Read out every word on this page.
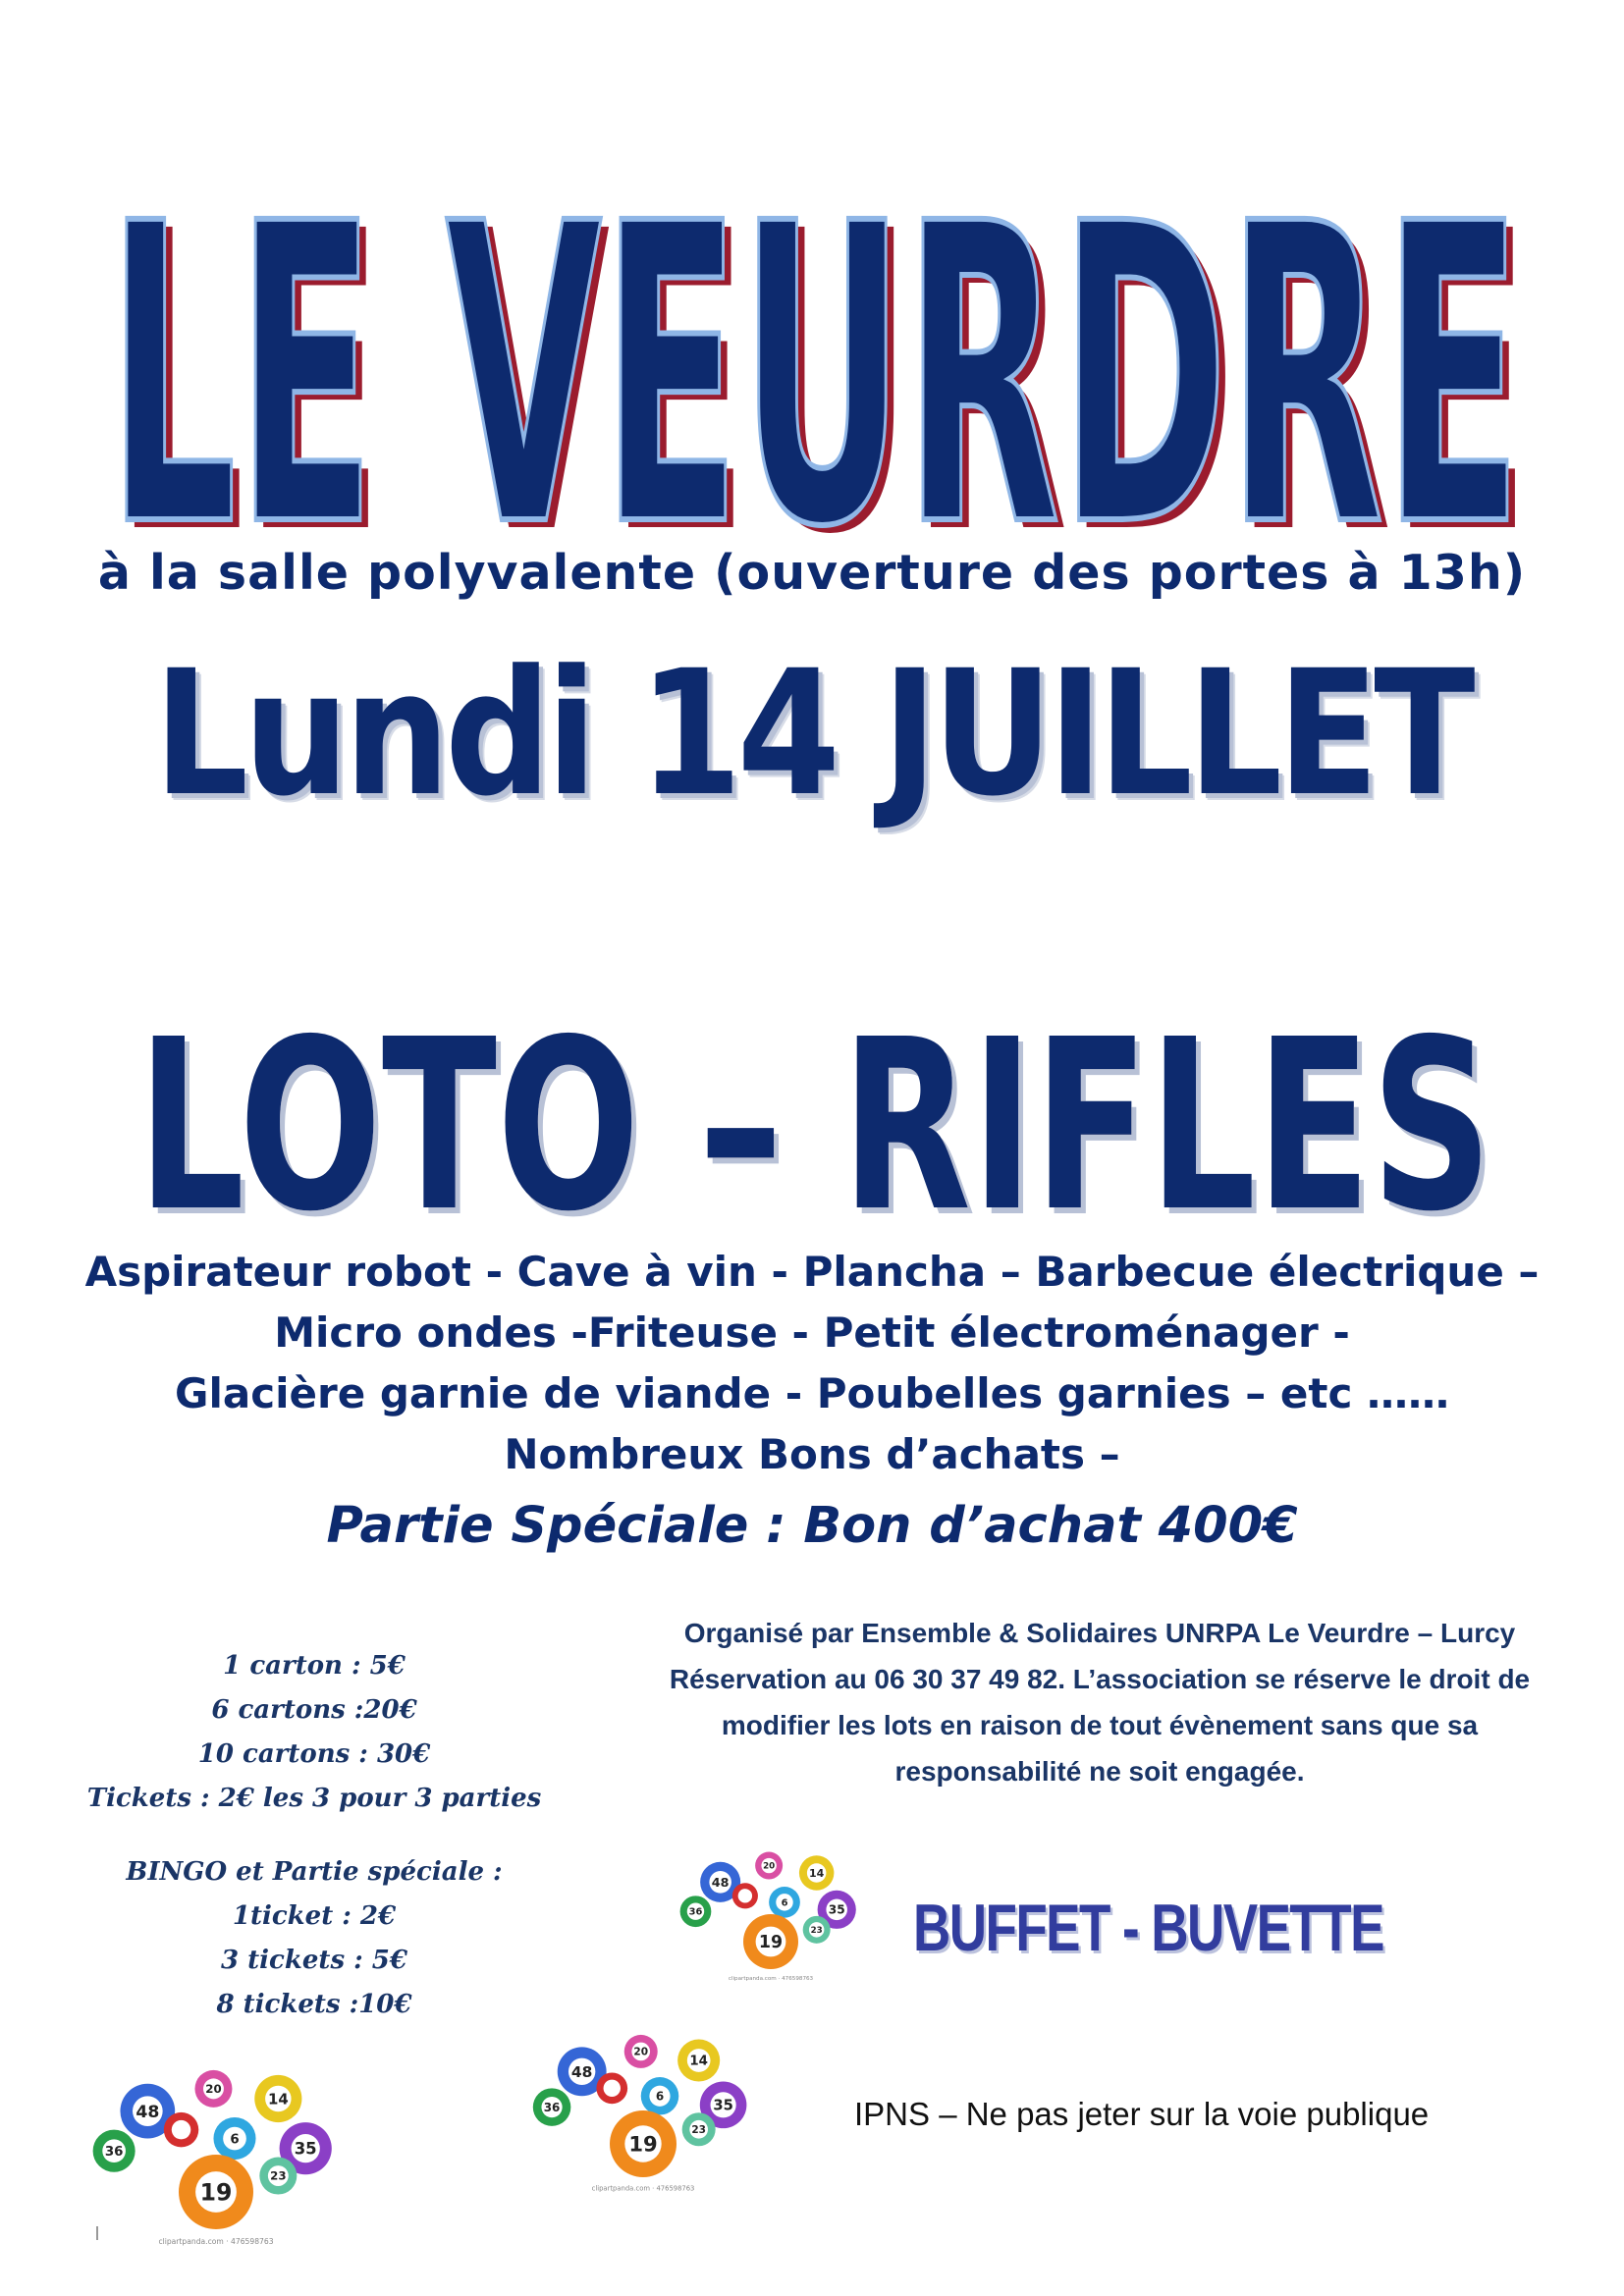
LE VEURDRE
LE VEURDRE
à la salle polyvalente (ouverture des portes à 13h)
Lundi 14 JUILLET
LOTO – RIFLES
Aspirateur robot - Cave à vin - Plancha – Barbecue électrique –
Micro ondes -Friteuse - Petit électroménager -
Glacière garnie de viande - Poubelles garnies – etc ……
Nombreux Bons d’achats –
Partie Spéciale : Bon d’achat 400€
1 carton : 5€
6 cartons :20€
10 cartons : 30€
Tickets : 2€ les 3 pour 3 parties
BINGO et Partie spéciale :
1ticket : 2€
3 tickets : 5€
8 tickets :10€
Organisé par Ensemble & Solidaires UNRPA Le Veurdre – Lurcy
Réservation au 06 30 37 49 82. L’association se réserve le droit de
modifier les lots en raison de tout évènement sans que sa
responsabilité ne soit engagée.
BUFFET - BUVETTE
IPNS – Ne pas jeter sur la voie publique
20
48
14
6	35
36
23
19
clipartpanda.com · 476598763
20
48
14
6	35
36
23
19
clipartpanda.com · 476598763
20
48
14
6
35
36
23
19
clipartpanda.com · 476598763
